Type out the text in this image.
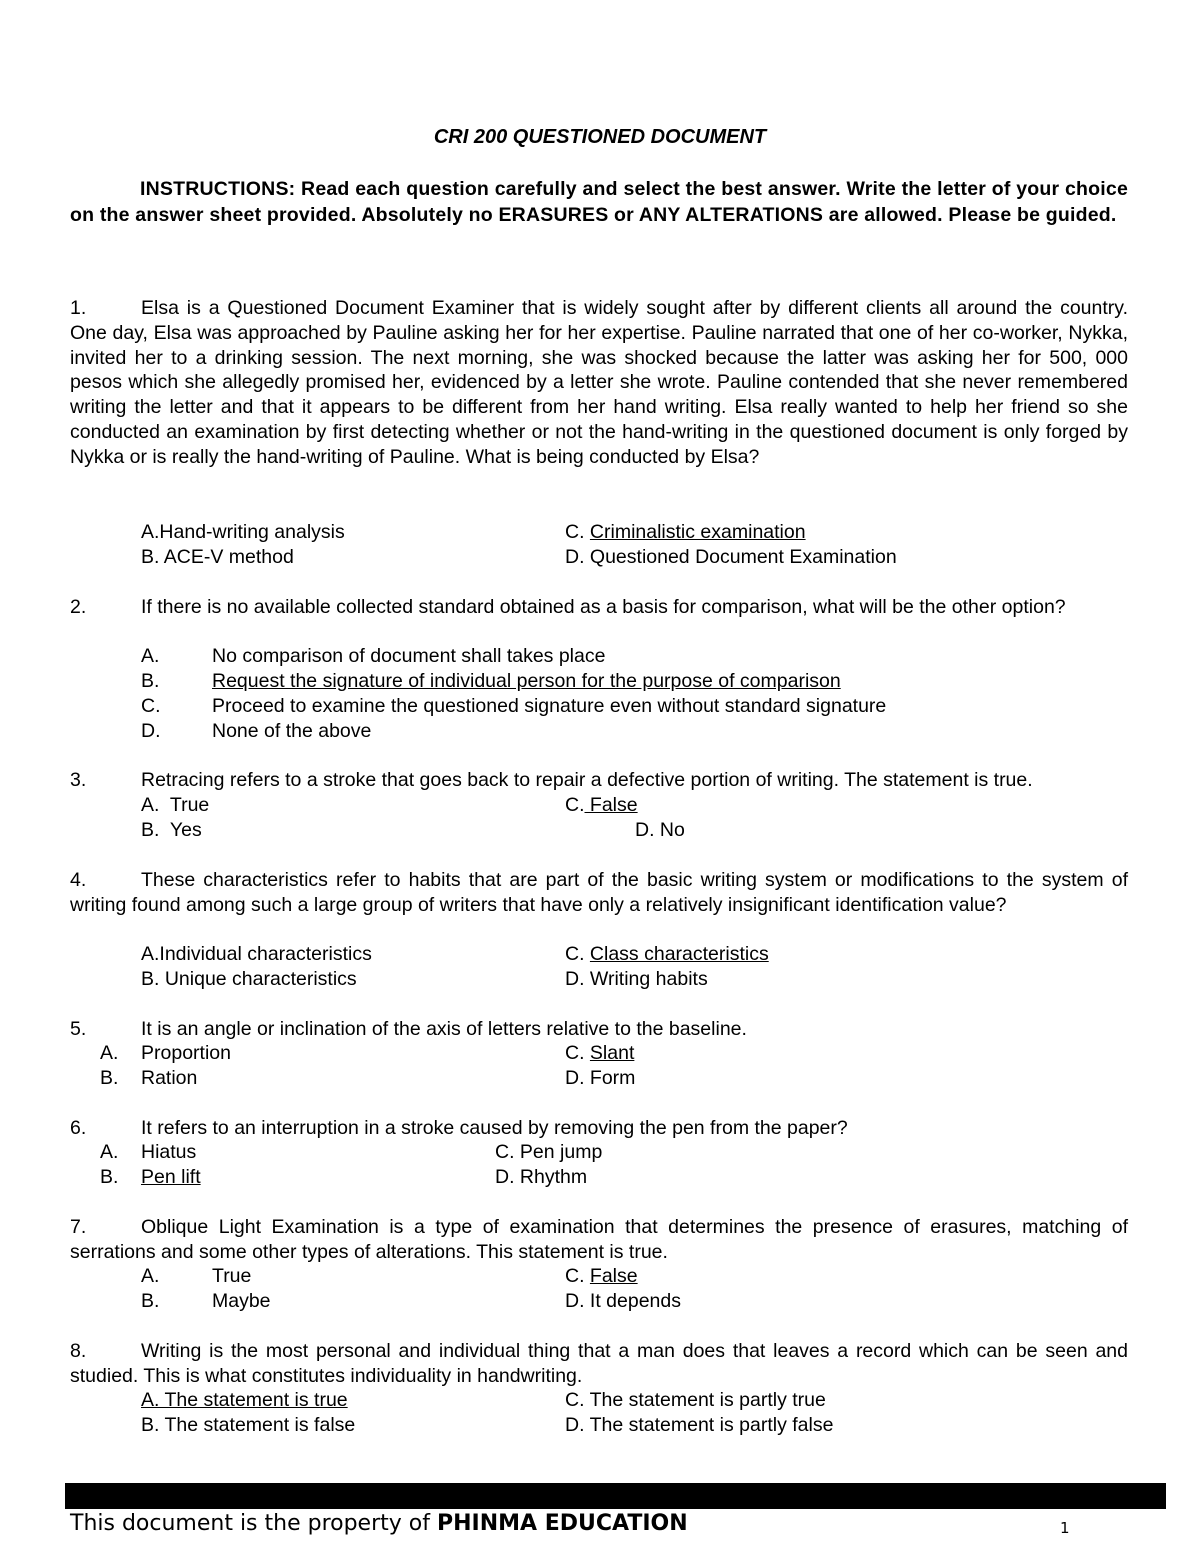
CRI 200 QUESTIONED DOCUMENT
INSTRUCTIONS: Read each question carefully and select the best answer. Write the letter of your choice on the answer sheet provided. Absolutely no ERASURES or ANY ALTERATIONS are allowed. Please be guided.

1.	Elsa is a Questioned Document Examiner that is widely sought after by different clients all around the country. One day, Elsa was approached by Pauline asking her for her expertise. Pauline narrated that one of her co-worker, Nykka, invited her to a drinking session. The next morning, she was shocked because the latter was asking her for 500, 000 pesos which she allegedly promised her, evidenced by a letter she wrote. Pauline contended that she never remembered writing the letter and that it appears to be different from her hand writing. Elsa really wanted to help her friend so she conducted an examination by first detecting whether or not the hand-writing in the questioned document is only forged by Nykka or is really the hand-writing of Pauline. What is being conducted by Elsa?

A.Hand-writing analysis	C. Criminalistic examination
B. ACE-V method	D. Questioned Document Examination

2.	If there is no available collected standard obtained as a basis for comparison, what will be the other option?

A.	No comparison of document shall takes place
B.	Request the signature of individual person for the purpose of comparison
C.	Proceed to examine the questioned signature even without standard signature
D.	None of the above

3.	Retracing refers to a stroke that goes back to repair a defective portion of writing. The statement is true.

A.  True	C. False
B.  Yes	D. No

4.	These characteristics refer to habits that are part of the basic writing system or modifications to the system of writing found among such a large group of writers that have only a relatively insignificant identification value?

A.Individual characteristics	C. Class characteristics
B. Unique characteristics	D. Writing habits

5.	It is an angle or inclination of the axis of letters relative to the baseline.

A. Proportion	C. Slant
B. Ration	D. Form

6.	It refers to an interruption in a stroke caused by removing the pen from the paper?

A. Hiatus	C. Pen jump
B. Pen lift	D. Rhythm

7.	Oblique Light Examination is a type of examination that determines the presence of erasures, matching of serrations and some other types of alterations. This statement is true.

A.	True	C. False
B.	Maybe	D. It depends

8.	Writing is the most personal and individual thing that a man does that leaves a record which can be seen and studied. This is what constitutes individuality in handwriting.

A. The statement is true	C. The statement is partly true
B. The statement is false	D. The statement is partly false
This document is the property of PHINMA EDUCATION	1
